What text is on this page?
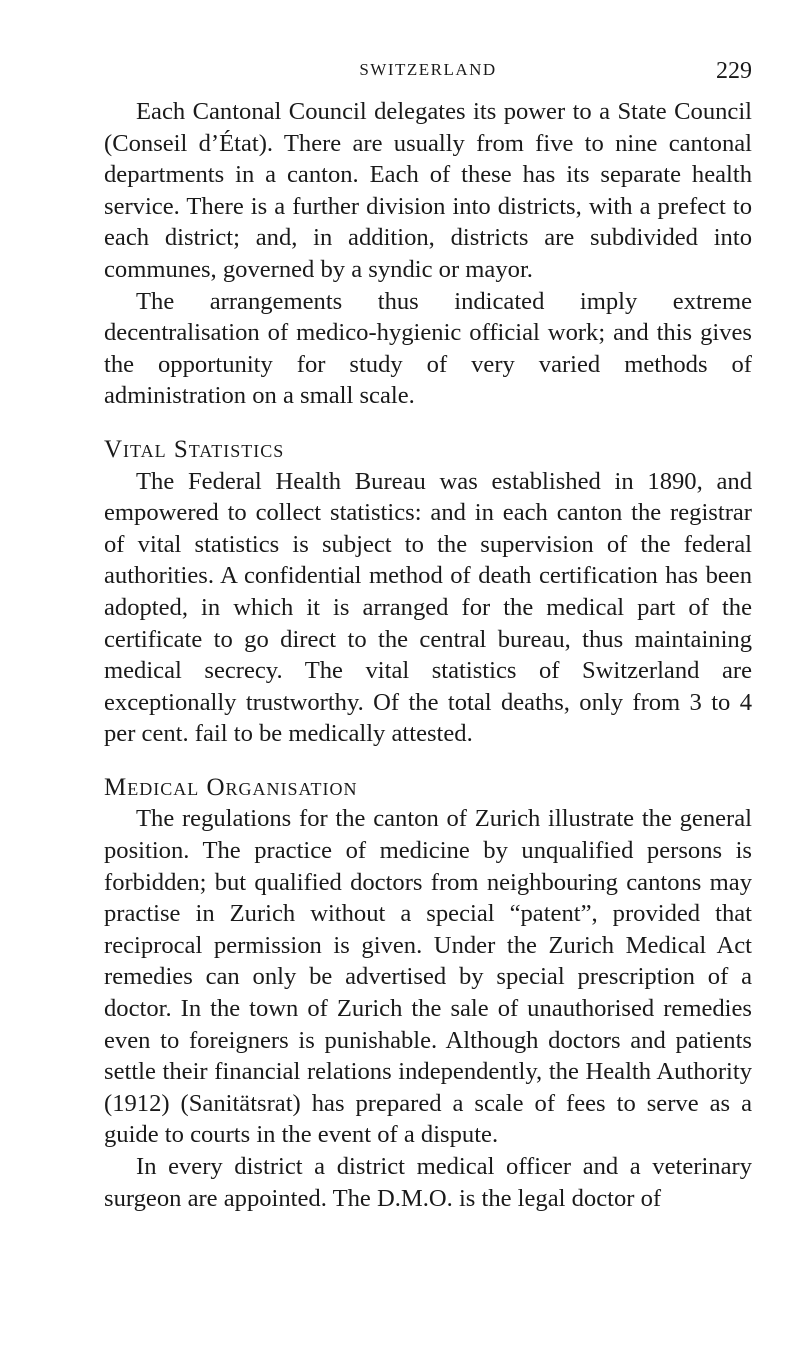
SWITZERLAND	229

Each Cantonal Council delegates its power to a State Council (Conseil d’État). There are usually from five to nine cantonal departments in a canton. Each of these has its separate health service. There is a further division into districts, with a prefect to each district; and, in addition, districts are subdivided into communes, governed by a syndic or mayor.

The arrangements thus indicated imply extreme decentralisation of medico-hygienic official work; and this gives the opportunity for study of very varied methods of administration on a small scale.

Vital Statistics

The Federal Health Bureau was established in 1890, and empowered to collect statistics: and in each canton the registrar of vital statistics is subject to the supervision of the federal authorities. A confidential method of death certification has been adopted, in which it is arranged for the medical part of the certificate to go direct to the central bureau, thus maintaining medical secrecy. The vital statistics of Switzerland are exceptionally trustworthy. Of the total deaths, only from 3 to 4 per cent. fail to be medically attested.

Medical Organisation

The regulations for the canton of Zurich illustrate the general position. The practice of medicine by unqualified persons is forbidden; but qualified doctors from neighbouring cantons may practise in Zurich without a special “patent”, provided that reciprocal permission is given. Under the Zurich Medical Act remedies can only be advertised by special prescription of a doctor. In the town of Zurich the sale of unauthorised remedies even to foreigners is punishable. Although doctors and patients settle their financial relations independently, the Health Authority (1912) (Sanitätsrat) has prepared a scale of fees to serve as a guide to courts in the event of a dispute.

In every district a district medical officer and a veterinary surgeon are appointed. The D.M.O. is the legal doctor of
